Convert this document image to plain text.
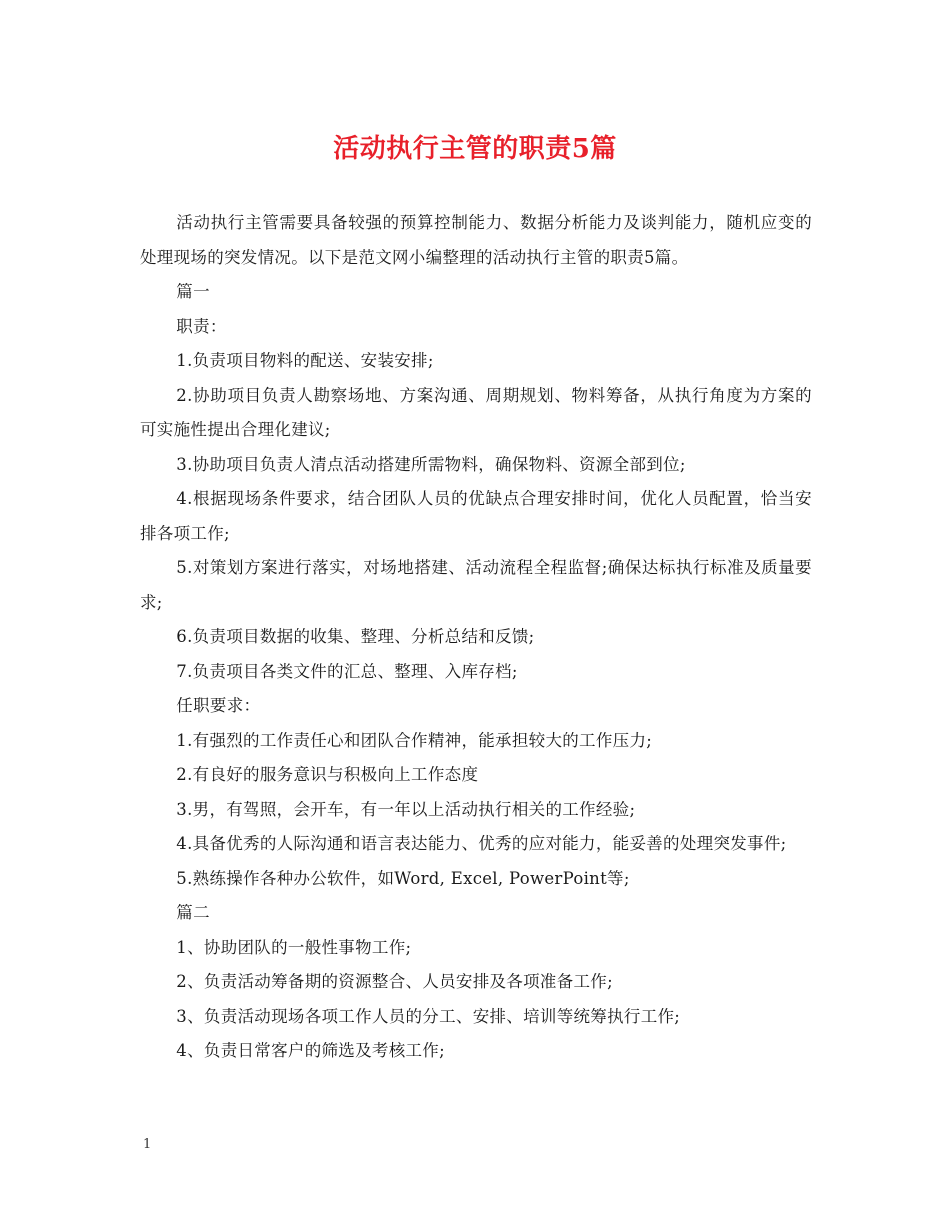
活动执行主管的职责5篇

活动执行主管需要具备较强的预算控制能力、数据分析能力及谈判能力，随机应变的处理现场的突发情况。以下是范文网小编整理的活动执行主管的职责5篇。

篇一

职责：

1.负责项目物料的配送、安装安排;

2.协助项目负责人勘察场地、方案沟通、周期规划、物料筹备，从执行角度为方案的可实施性提出合理化建议;

3.协助项目负责人清点活动搭建所需物料，确保物料、资源全部到位;

4.根据现场条件要求，结合团队人员的优缺点合理安排时间，优化人员配置，恰当安排各项工作;

5.对策划方案进行落实，对场地搭建、活动流程全程监督;确保达标执行标准及质量要求;

6.负责项目数据的收集、整理、分析总结和反馈;

7.负责项目各类文件的汇总、整理、入库存档;

任职要求：

1.有强烈的工作责任心和团队合作精神，能承担较大的工作压力;

2.有良好的服务意识与积极向上工作态度

3.男，有驾照，会开车，有一年以上活动执行相关的工作经验;

4.具备优秀的人际沟通和语言表达能力、优秀的应对能力，能妥善的处理突发事件;

5.熟练操作各种办公软件，如Word, Excel, PowerPoint等;

篇二

1、协助团队的一般性事物工作;

2、负责活动筹备期的资源整合、人员安排及各项准备工作;

3、负责活动现场各项工作人员的分工、安排、培训等统筹执行工作;

4、负责日常客户的筛选及考核工作;

1
